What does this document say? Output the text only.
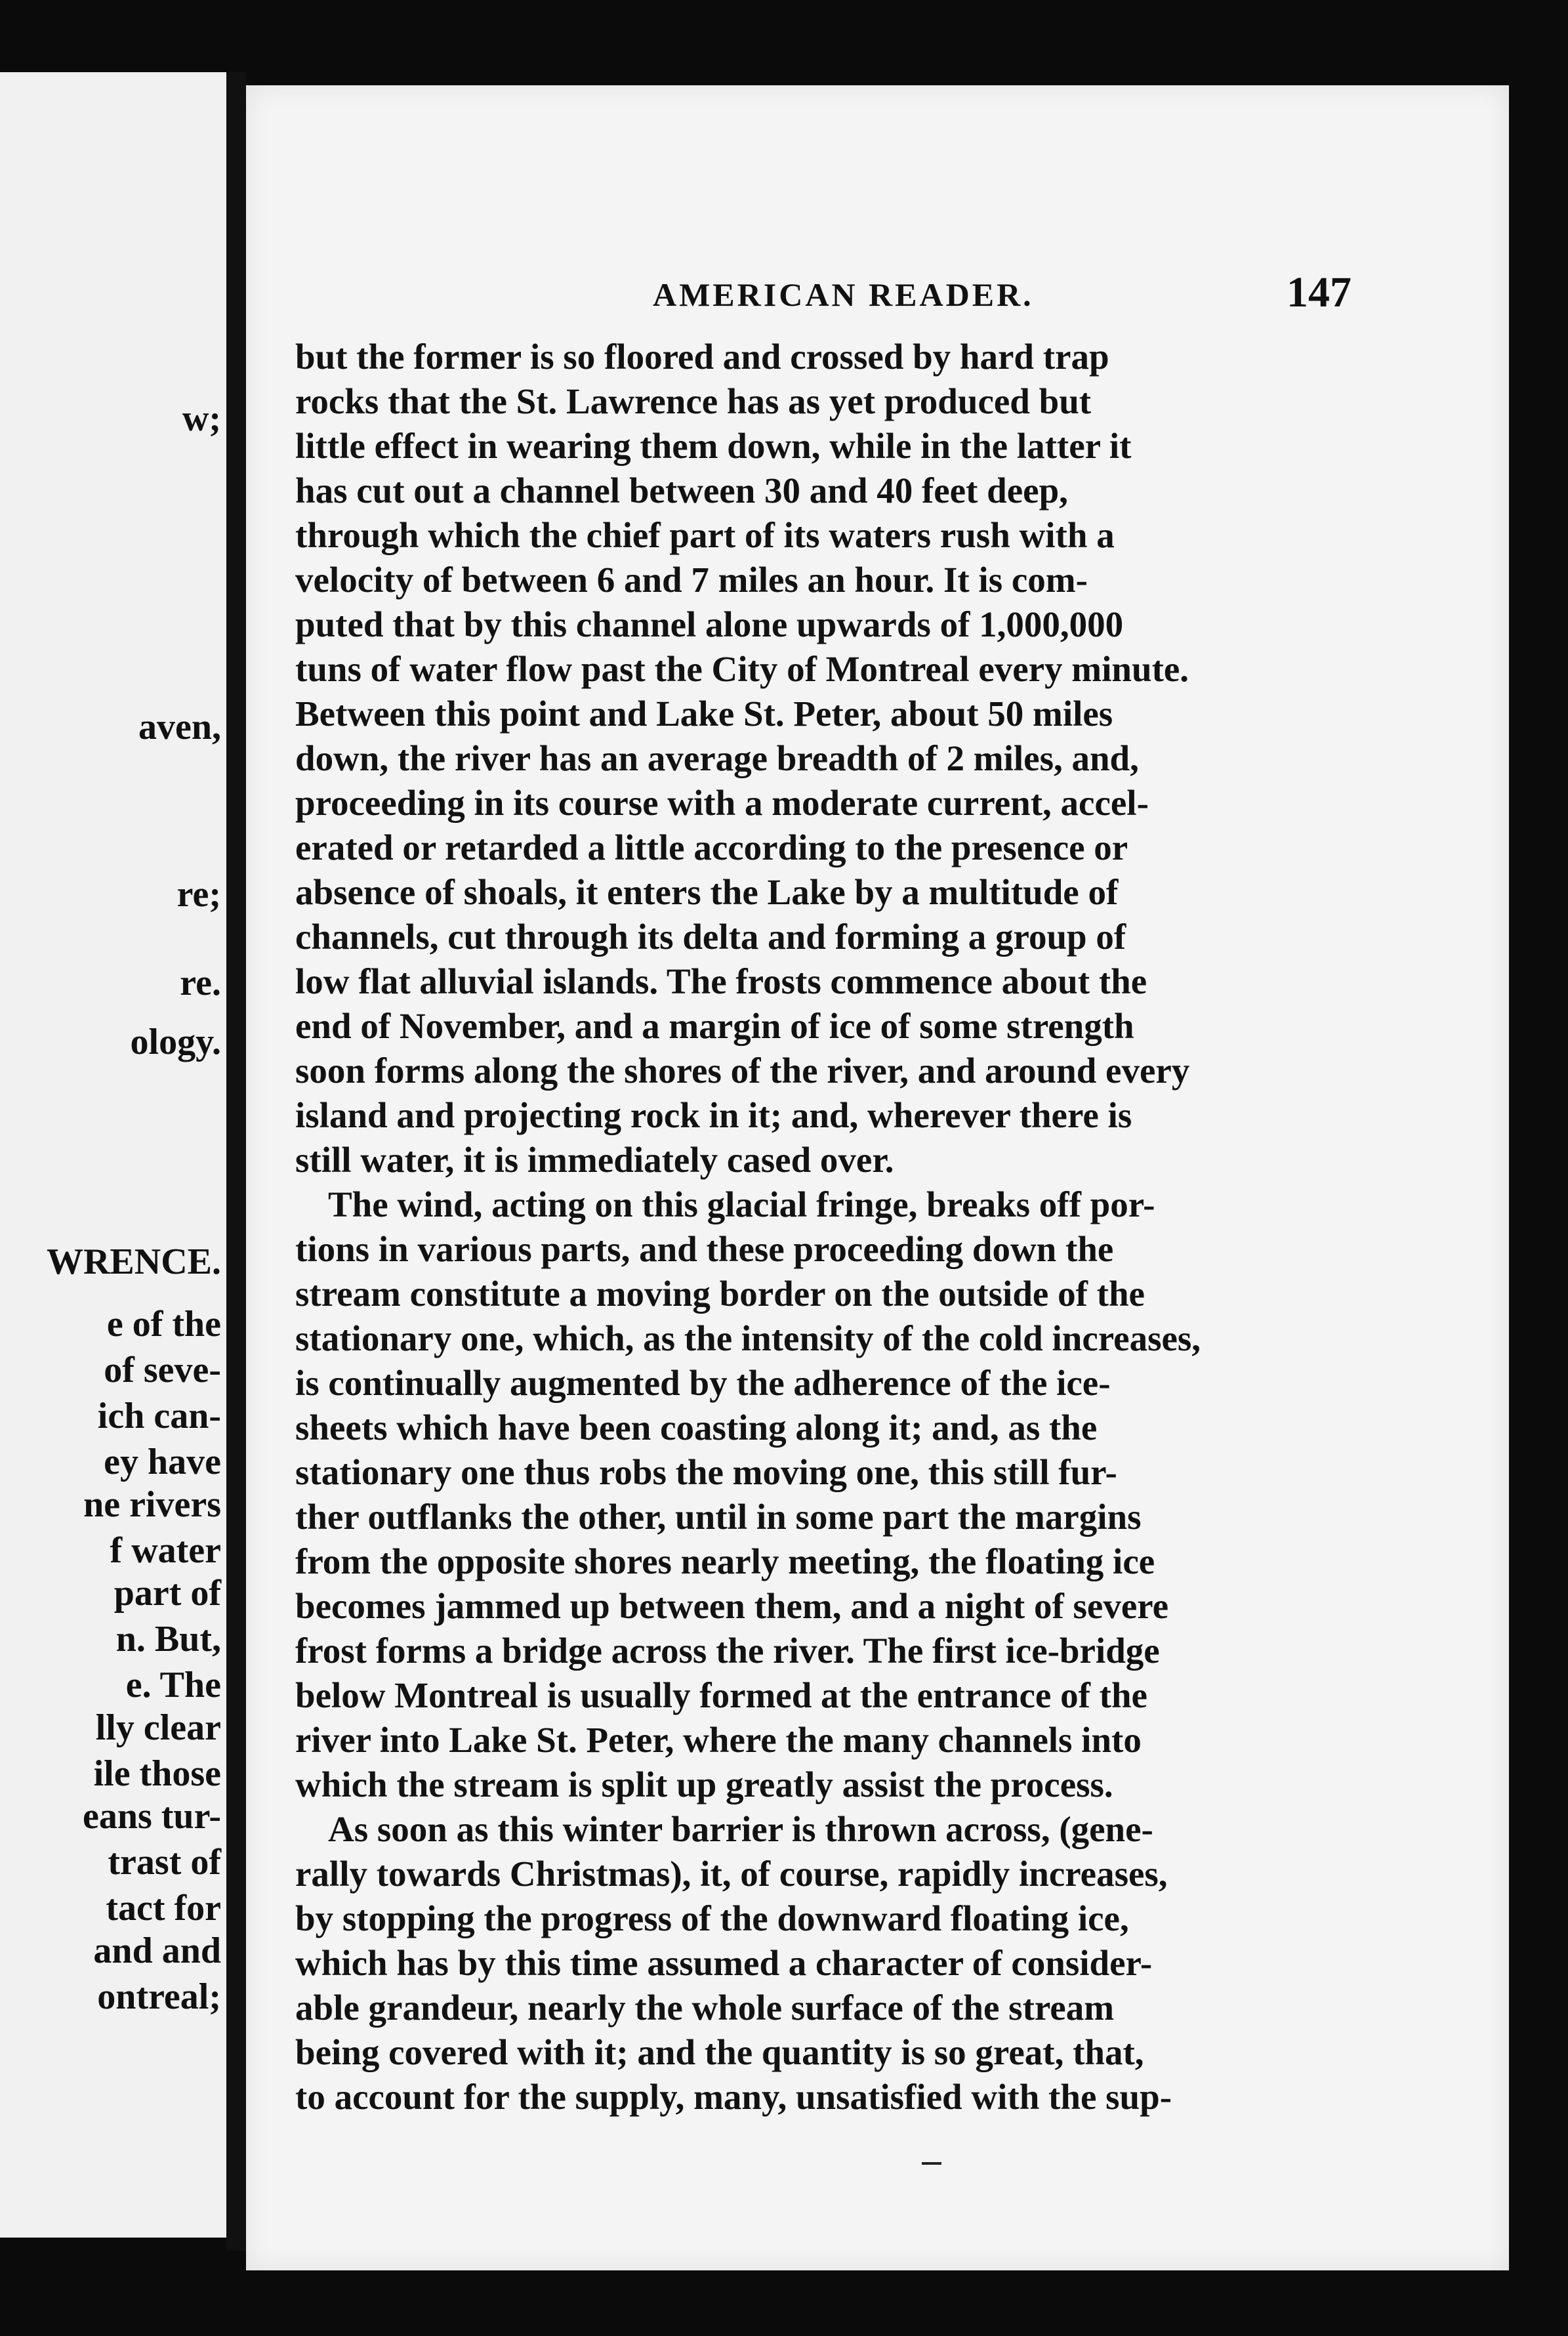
w;
aven,
re;
re.
ology.
WRENCE.
e of the
of seve-
ich can-
ey have
ne rivers
f water
part of
n. But,
e. The
lly clear
ile those
eans tur-
trast of
tact for
and and
ontreal;
AMERICAN READER.	147
but the former is so floored and crossed by hard trap
rocks that the St. Lawrence has as yet produced but
little effect in wearing them down, while in the latter it
has cut out a channel between 30 and 40 feet deep,
through which the chief part of its waters rush with a
velocity of between 6 and 7 miles an hour. It is com-
puted that by this channel alone upwards of 1,000,000
tuns of water flow past the City of Montreal every minute.
Between this point and Lake St. Peter, about 50 miles
down, the river has an average breadth of 2 miles, and,
proceeding in its course with a moderate current, accel-
erated or retarded a little according to the presence or
absence of shoals, it enters the Lake by a multitude of
channels, cut through its delta and forming a group of
low flat alluvial islands. The frosts commence about the
end of November, and a margin of ice of some strength
soon forms along the shores of the river, and around every
island and projecting rock in it; and, wherever there is
still water, it is immediately cased over.
The wind, acting on this glacial fringe, breaks off por-
tions in various parts, and these proceeding down the
stream constitute a moving border on the outside of the
stationary one, which, as the intensity of the cold increases,
is continually augmented by the adherence of the ice-
sheets which have been coasting along it; and, as the
stationary one thus robs the moving one, this still fur-
ther outflanks the other, until in some part the margins
from the opposite shores nearly meeting, the floating ice
becomes jammed up between them, and a night of severe
frost forms a bridge across the river. The first ice-bridge
below Montreal is usually formed at the entrance of the
river into Lake St. Peter, where the many channels into
which the stream is split up greatly assist the process.
As soon as this winter barrier is thrown across, (gene-
rally towards Christmas), it, of course, rapidly increases,
by stopping the progress of the downward floating ice,
which has by this time assumed a character of consider-
able grandeur, nearly the whole surface of the stream
being covered with it; and the quantity is so great, that,
to account for the supply, many, unsatisfied with the sup-
